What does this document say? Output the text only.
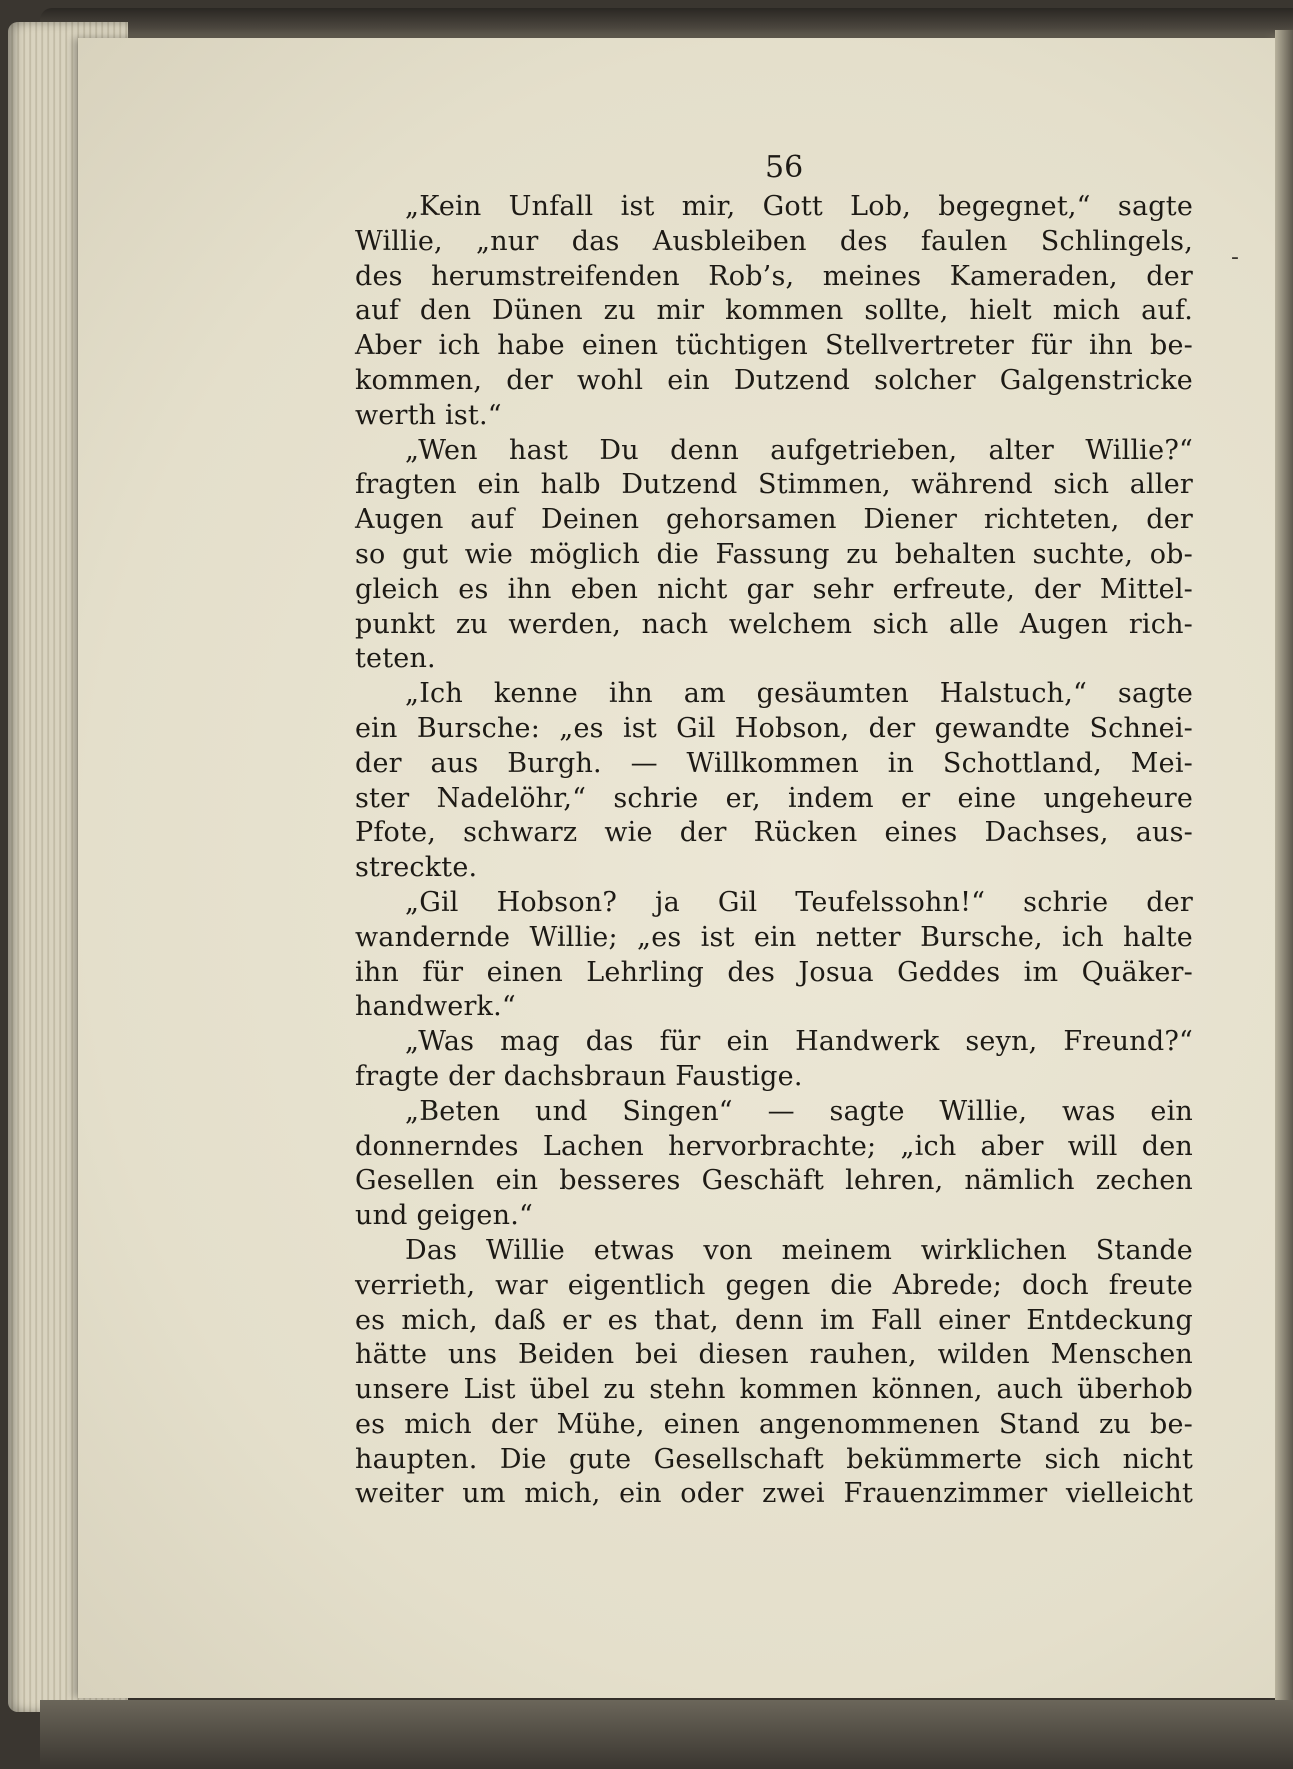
56
-
„Kein Unfall ist mir, Gott Lob, begegnet,“ sagte
Willie, „nur das Ausbleiben des faulen Schlingels,
des herumstreifenden Rob’s, meines Kameraden, der
auf den Dünen zu mir kommen sollte, hielt mich auf.
Aber ich habe einen tüchtigen Stellvertreter für ihn be-
kommen, der wohl ein Dutzend solcher Galgenstricke
werth ist.“
„Wen hast Du denn aufgetrieben, alter Willie?“
fragten ein halb Dutzend Stimmen, während sich aller
Augen auf Deinen gehorsamen Diener richteten, der
so gut wie möglich die Fassung zu behalten suchte, ob-
gleich es ihn eben nicht gar sehr erfreute, der Mittel-
punkt zu werden, nach welchem sich alle Augen rich-
teten.
„Ich kenne ihn am gesäumten Halstuch,“ sagte
ein Bursche: „es ist Gil Hobson, der gewandte Schnei-
der aus Burgh. — Willkommen in Schottland, Mei-
ster Nadelöhr,“ schrie er, indem er eine ungeheure
Pfote, schwarz wie der Rücken eines Dachses, aus-
streckte.
„Gil Hobson? ja Gil Teufelssohn!“ schrie der
wandernde Willie; „es ist ein netter Bursche, ich halte
ihn für einen Lehrling des Josua Geddes im Quäker-
handwerk.“
„Was mag das für ein Handwerk seyn, Freund?“
fragte der dachsbraun Faustige.
„Beten und Singen“ — sagte Willie, was ein
donnerndes Lachen hervorbrachte; „ich aber will den
Gesellen ein besseres Geschäft lehren, nämlich zechen
und geigen.“
Das Willie etwas von meinem wirklichen Stande
verrieth, war eigentlich gegen die Abrede; doch freute
es mich, daß er es that, denn im Fall einer Entdeckung
hätte uns Beiden bei diesen rauhen, wilden Menschen
unsere List übel zu stehn kommen können, auch überhob
es mich der Mühe, einen angenommenen Stand zu be-
haupten. Die gute Gesellschaft bekümmerte sich nicht
weiter um mich, ein oder zwei Frauenzimmer vielleicht
